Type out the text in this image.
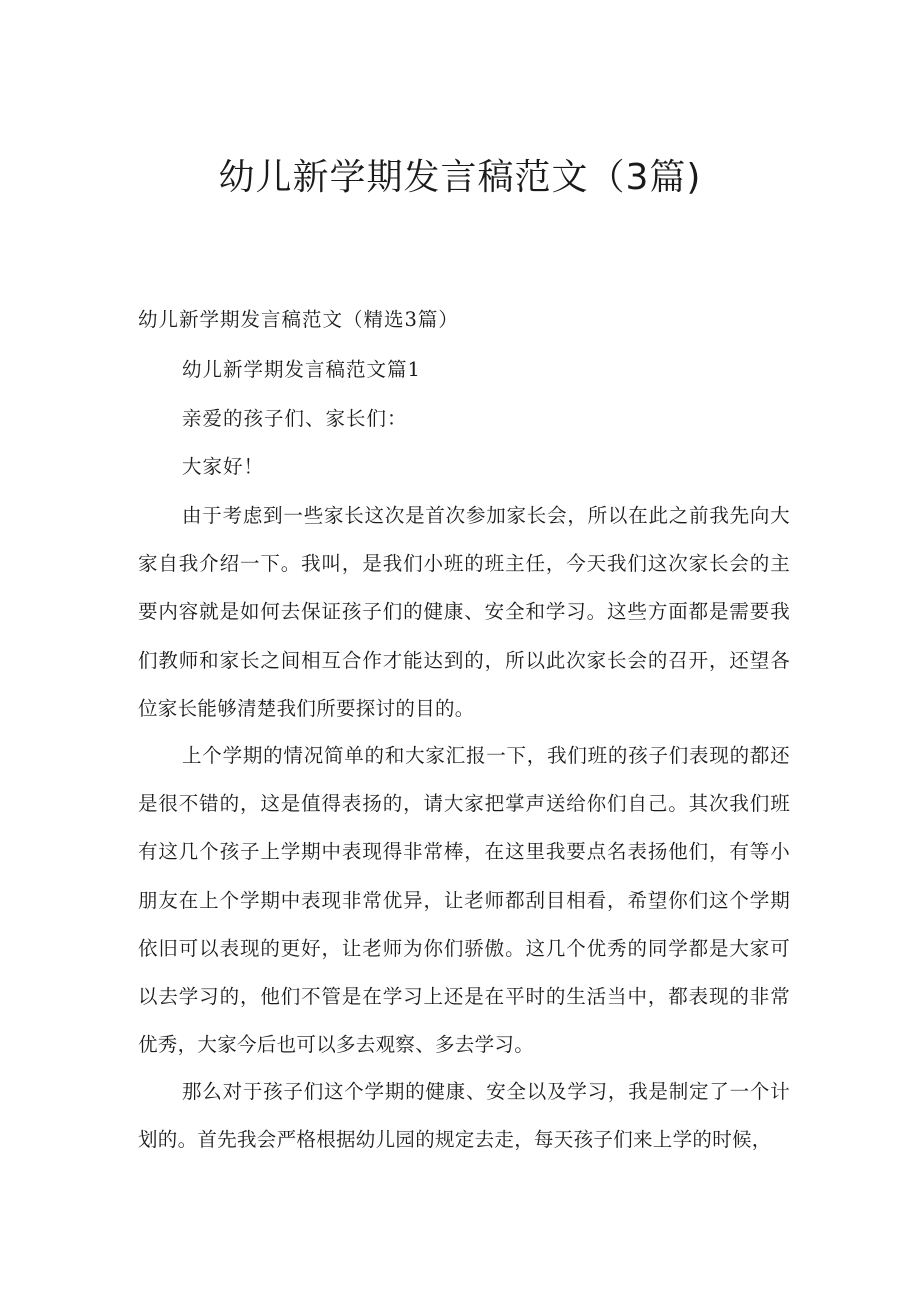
幼儿新学期发言稿范文（3篇)

幼儿新学期发言稿范文（精选3篇）

幼儿新学期发言稿范文篇1

亲爱的孩子们、家长们：

大家好！

由于考虑到一些家长这次是首次参加家长会，所以在此之前我先向大家自我介绍一下。我叫，是我们小班的班主任，今天我们这次家长会的主要内容就是如何去保证孩子们的健康、安全和学习。这些方面都是需要我们教师和家长之间相互合作才能达到的，所以此次家长会的召开，还望各位家长能够清楚我们所要探讨的目的。

上个学期的情况简单的和大家汇报一下，我们班的孩子们表现的都还是很不错的，这是值得表扬的，请大家把掌声送给你们自己。其次我们班有这几个孩子上学期中表现得非常棒，在这里我要点名表扬他们，有等小朋友在上个学期中表现非常优异，让老师都刮目相看，希望你们这个学期依旧可以表现的更好，让老师为你们骄傲。这几个优秀的同学都是大家可以去学习的，他们不管是在学习上还是在平时的生活当中，都表现的非常优秀，大家今后也可以多去观察、多去学习。

那么对于孩子们这个学期的健康、安全以及学习，我是制定了一个计划的。首先我会严格根据幼儿园的规定去走，每天孩子们来上学的时候，
